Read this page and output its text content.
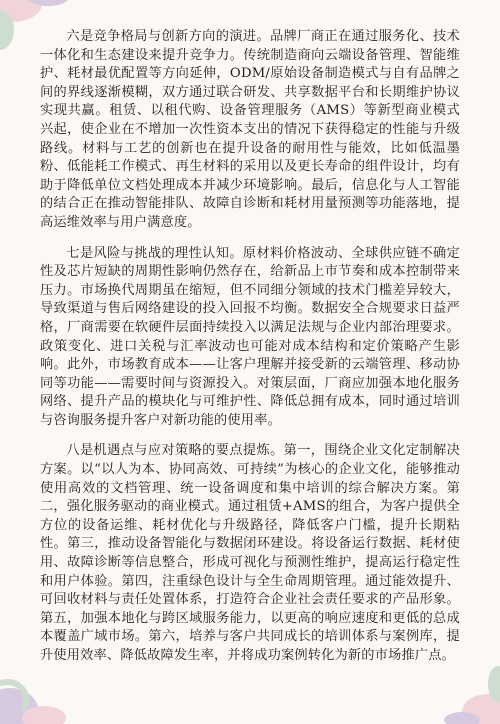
六是竞争格局与创新方向的演进。品牌厂商正在通过服务化、技术一体化和生态建设来提升竞争力。传统制造商向云端设备管理、智能维护、耗材最优配置等方向延伸，ODM/原始设备制造模式与自有品牌之间的界线逐渐模糊，双方通过联合研发、共享数据平台和长期维护协议实现共赢。租赁、以租代购、设备管理服务（AMS）等新型商业模式兴起，使企业在不增加一次性资本支出的情况下获得稳定的性能与升级路线。材料与工艺的创新也在提升设备的耐用性与能效，比如低温墨粉、低能耗工作模式、再生材料的采用以及更长寿命的组件设计，均有助于降低单位文档处理成本并减少环境影响。最后，信息化与人工智能的结合正在推动智能排队、故障自诊断和耗材用量预测等功能落地，提高运维效率与用户满意度。

七是风险与挑战的理性认知。原材料价格波动、全球供应链不确定性及芯片短缺的周期性影响仍然存在，给新品上市节奏和成本控制带来压力。市场换代周期虽在缩短，但不同细分领域的技术门槛差异较大，导致渠道与售后网络建设的投入回报不均衡。数据安全合规要求日益严格，厂商需要在软硬件层面持续投入以满足法规与企业内部治理要求。政策变化、进口关税与汇率波动也可能对成本结构和定价策略产生影响。此外，市场教育成本——让客户理解并接受新的云端管理、移动协同等功能——需要时间与资源投入。对策层面，厂商应加强本地化服务网络、提升产品的模块化与可维护性、降低总拥有成本，同时通过培训与咨询服务提升客户对新功能的使用率。

八是机遇点与应对策略的要点提炼。第一，围绕企业文化定制解决方案。以“以人为本、协同高效、可持续”为核心的企业文化，能够推动使用高效的文档管理、统一设备调度和集中培训的综合解决方案。第二，强化服务驱动的商业模式。通过租赁+AMS的组合，为客户提供全方位的设备运维、耗材优化与升级路径，降低客户门槛，提升长期粘性。第三，推动设备智能化与数据闭环建设。将设备运行数据、耗材使用、故障诊断等信息整合，形成可视化与预测性维护，提高运行稳定性和用户体验。第四，注重绿色设计与全生命周期管理。通过能效提升、可回收材料与责任处置体系，打造符合企业社会责任要求的产品形象。第五，加强本地化与跨区域服务能力，以更高的响应速度和更低的总成本覆盖广域市场。第六，培养与客户共同成长的培训体系与案例库，提升使用效率、降低故障发生率，并将成功案例转化为新的市场推广点。
